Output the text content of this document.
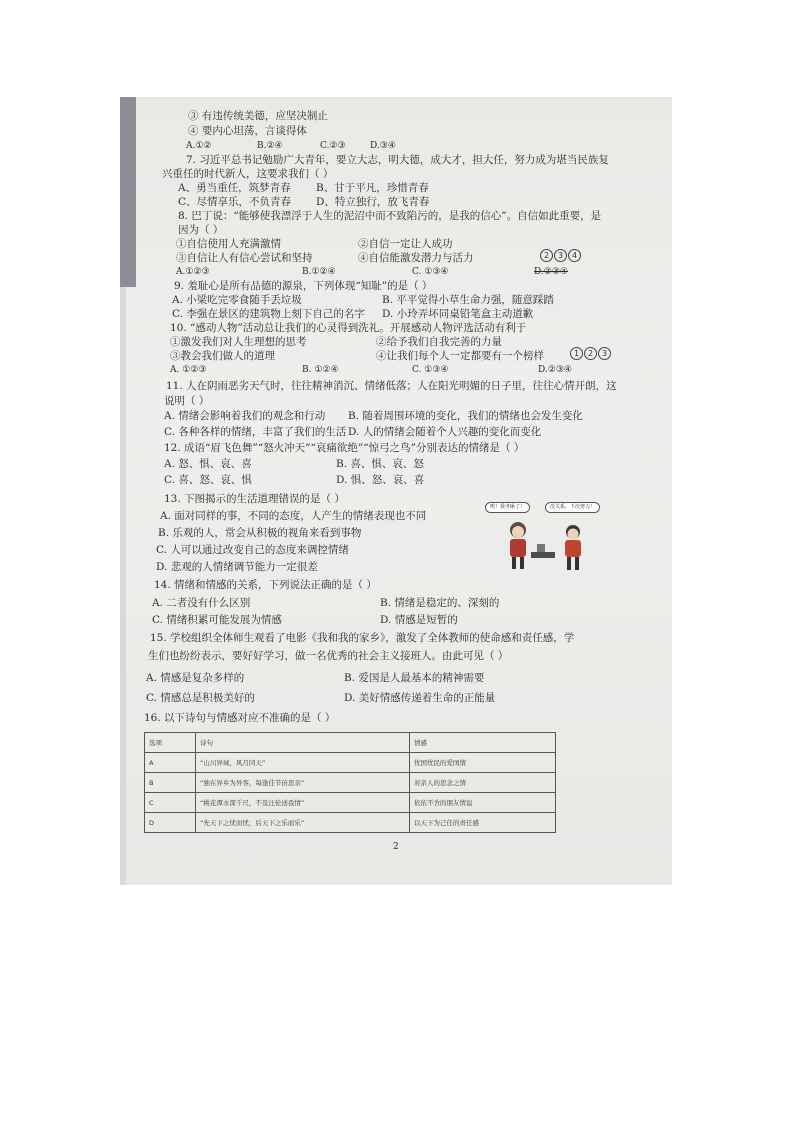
③ 有违传统美德，应坚决制止
④ 要内心坦荡，言谈得体
A.①②	B.②④	C.②③	D.③④
7. 习近平总书记勉励广大青年，要立大志，明大德，成大才，担大任，努力成为堪当民族复
兴重任的时代新人，这要求我们（ ）
A、勇当重任，筑梦青春 B、甘于平凡，珍惜青春
C、尽情享乐，不负青春 D、特立独行，放飞青春
8. 巴丁说：“能够使我漂浮于人生的泥沼中而不致陷污的，是我的信心”。自信如此重要，是
因为（ ）
①自信使用人充满激情	②自信一定让人成功
③自信让人有信心尝试和坚持	④自信能激发潜力与活力
A.①②③	B.①②④	C. ①③④	D.②③④
2 3 4
9. 羞耻心是所有品德的源泉，下列体现“知耻”的是（ ）
A. 小梁吃完零食随手丢垃圾	B. 平平觉得小草生命力强，随意踩踏
C. 李强在景区的建筑物上刻下自己的名字 D. 小玲弄坏同桌铅笔盒主动道歉
10. “感动人物”活动总让我们的心灵得到洗礼。开展感动人物评选活动有利于
①激发我们对人生理想的思考	②给予我们自我完善的力量
③教会我们做人的道理	④让我们每个人一定都要有一个榜样
A. ①②③	B. ①②④	C. ①③④	D.②③④
1 2 3
11. 人在阴雨恶劣天气时，往往精神消沉、情绪低落；人在阳光明媚的日子里，往往心情开朗，这
说明（ ）
A. 情绪会影响着我们的观念和行动 B. 随着周围环境的变化，我们的情绪也会发生变化
C. 各种各样的情绪，丰富了我们的生活 D. 人的情绪会随着个人兴趣的变化而变化
12. 成语“眉飞色舞”“怒火冲天”“哀痛欲绝”“惊弓之鸟”分别表达的情绪是（ ）
A. 怒、惧、哀、喜	B. 喜、惧、哀、怒
C. 喜、怒、哀、惧	D. 惧、怒、哀、喜
13. 下图揭示的生活道理错误的是（ ）
A. 面对同样的事，不同的态度，人产生的情绪表现也不同
B. 乐观的人，常会从积极的视角来看到事物
C. 人可以通过改变自己的态度来调控情绪
D. 悲观的人情绪调节能力一定很差
唉！我考砸了！	没关系，下次努力！
14. 情绪和情感的关系，下列说法正确的是（ ）
A. 二者没有什么区别	B. 情绪是稳定的、深刻的
C. 情绪积累可能发展为情感	D. 情感是短暂的
15. 学校组织全体师生观看了电影《我和我的家乡》，激发了全体教师的使命感和责任感，学
生们也纷纷表示，要好好学习，做一名优秀的社会主义接班人。由此可见（ ）
A. 情感是复杂多样的	B. 爱国是人最基本的精神需要
C. 情感总是积极美好的	D. 美好情感传递着生命的正能量
16. 以下诗句与情感对应不准确的是（ ）
选项	诗句	情感
A	“山川异域，风月同天”	忧国忧民的爱国情
B	“独在异乡为异客，每逢佳节倍思亲”	对亲人的思念之情
C	“桃花潭水深千尺，不及汪伦送我情”	依依不舍的朋友情谊
D	“先天下之忧而忧，后天下之乐而乐”	以天下为己任的责任感
2
